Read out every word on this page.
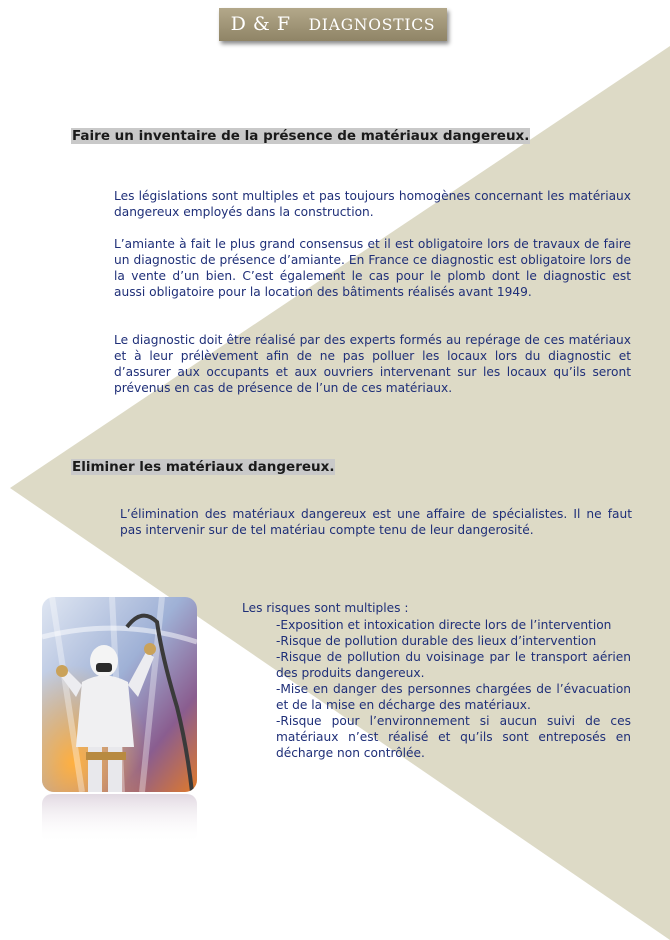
D & F DIAGNOSTICS
Faire un inventaire de la présence de matériaux dangereux.

Les législations sont multiples et pas toujours homogènes concernant les matériaux dangereux employés dans la construction.

L’amiante à fait le plus grand consensus et il est obligatoire lors de travaux de faire un diagnostic de présence d’amiante. En France ce diagnostic est obligatoire lors de la vente d’un bien. C’est également le cas pour le plomb dont le diagnostic est aussi obligatoire pour la location des bâtiments réalisés avant 1949.

Le diagnostic doit être réalisé par des experts formés au repérage de ces matériaux et à leur prélèvement afin de ne pas polluer les locaux lors du diagnostic et d’assurer aux occupants et aux ouvriers intervenant sur les locaux qu’ils seront prévenus en cas de présence de l’un de ces matériaux.

Eliminer les matériaux dangereux.

L’élimination des matériaux dangereux est une affaire de spécialistes. Il ne faut pas intervenir sur de tel matériau compte tenu de leur dangerosité.

Les risques sont multiples :

-Exposition et intoxication directe lors de l’intervention
-Risque de pollution durable des lieux d’intervention
-Risque de pollution du voisinage par le transport aérien des produits dangereux.
-Mise en danger des personnes chargées de l’évacuation et de la mise en décharge des matériaux.
-Risque pour l’environnement si aucun suivi de ces matériaux n’est réalisé et qu’ils sont entreposés en décharge non contrôlée.
